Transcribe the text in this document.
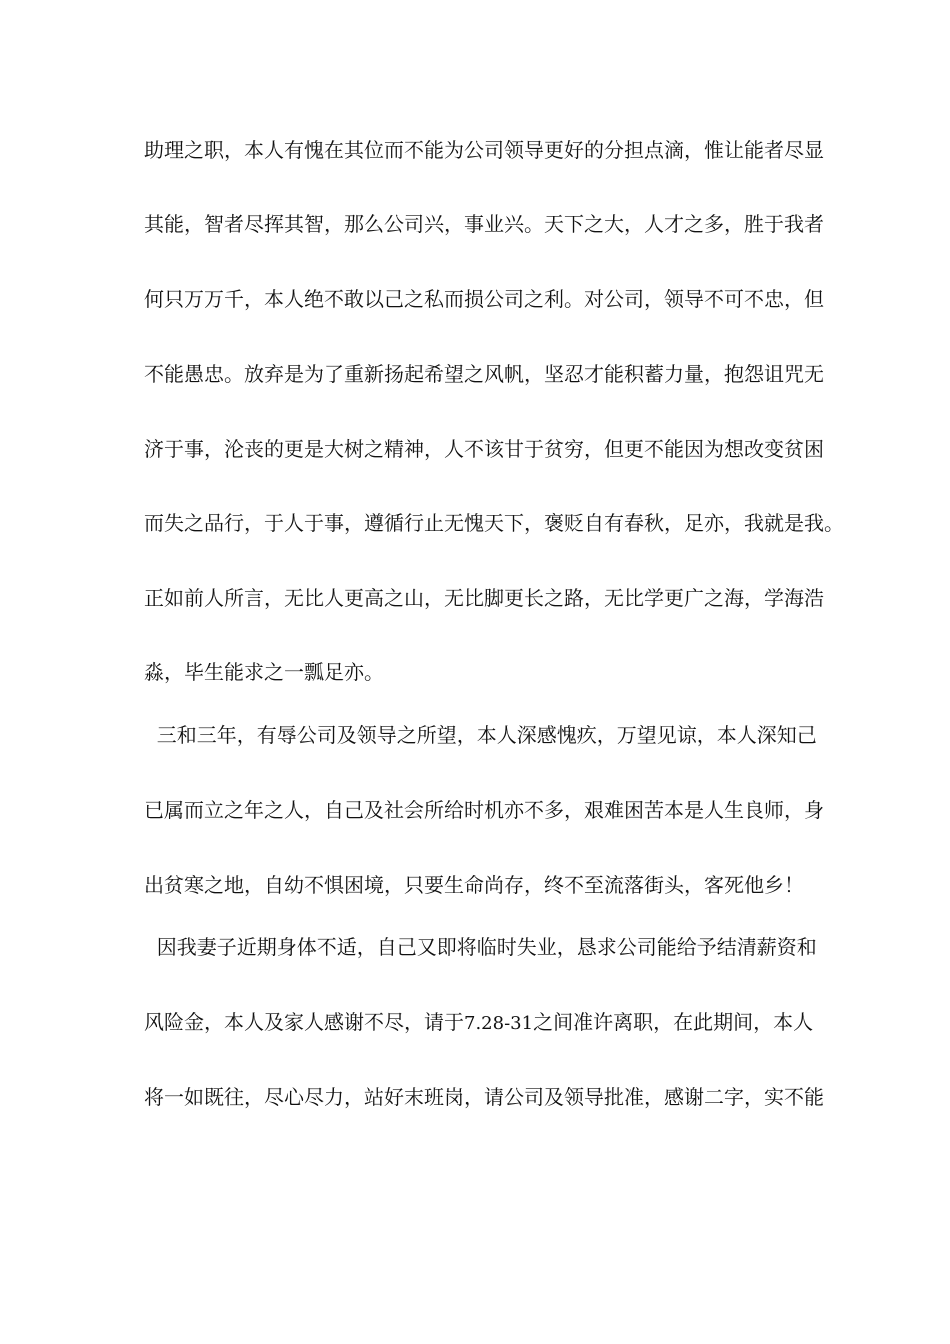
助理之职，本人有愧在其位而不能为公司领导更好的分担点滴，惟让能者尽显
其能，智者尽挥其智，那么公司兴，事业兴。天下之大，人才之多，胜于我者
何只万万千，本人绝不敢以己之私而损公司之利。对公司，领导不可不忠，但
不能愚忠。放弃是为了重新扬起希望之风帆，坚忍才能积蓄力量，抱怨诅咒无
济于事，沦丧的更是大树之精神，人不该甘于贫穷，但更不能因为想改变贫困
而失之品行，于人于事，遵循行止无愧天下，褒贬自有春秋，足亦，我就是我。
正如前人所言，无比人更高之山，无比脚更长之路，无比学更广之海，学海浩
淼，毕生能求之一瓢足亦。
三和三年，有辱公司及领导之所望，本人深感愧疚，万望见谅，本人深知己
已属而立之年之人，自己及社会所给时机亦不多，艰难困苦本是人生良师，身
出贫寒之地，自幼不惧困境，只要生命尚存，终不至流落街头，客死他乡！
因我妻子近期身体不适，自己又即将临时失业，恳求公司能给予结清薪资和
风险金，本人及家人感谢不尽，请于7.28-31之间准许离职，在此期间，本人
将一如既往，尽心尽力，站好末班岗，请公司及领导批准，感谢二字，实不能
